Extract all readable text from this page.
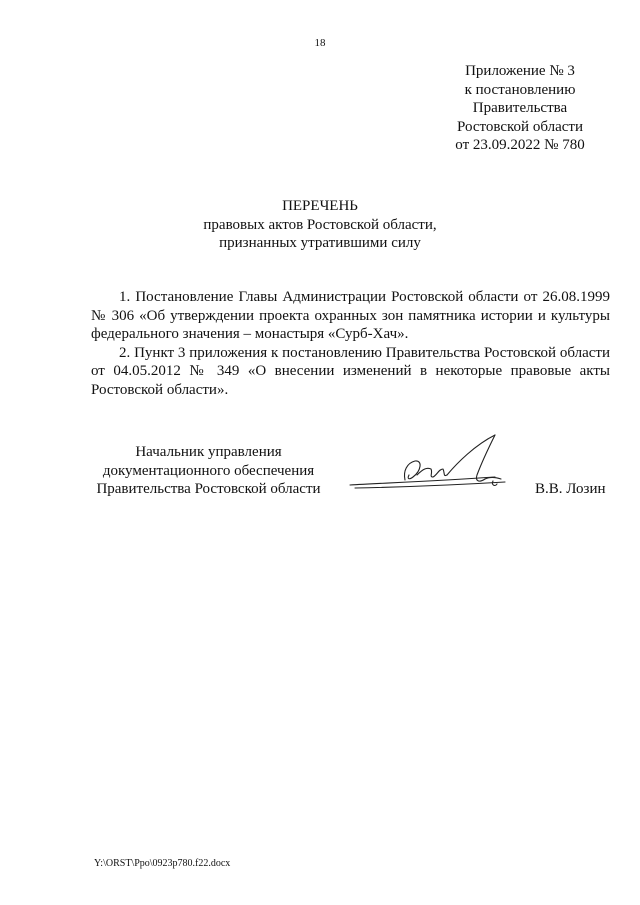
18
Приложение № 3
к постановлению
Правительства
Ростовской области
от 23.09.2022 № 780
ПЕРЕЧЕНЬ
правовых актов Ростовской области,
признанных утратившими силу

1. Постановление Главы Администрации Ростовской области от 26.08.1999 № 306 «Об утверждении проекта охранных зон памятника истории и культуры федерального значения – монастыря «Сурб-Хач».

2. Пункт 3 приложения к постановлению Правительства Ростовской области от 04.05.2012 № 349 «О внесении изменений в некоторые правовые акты Ростовской области».

Начальник управления
документационного обеспечения
Правительства Ростовской области	В.В. Лозин
Y:\ORST\Ppo\0923p780.f22.docx
